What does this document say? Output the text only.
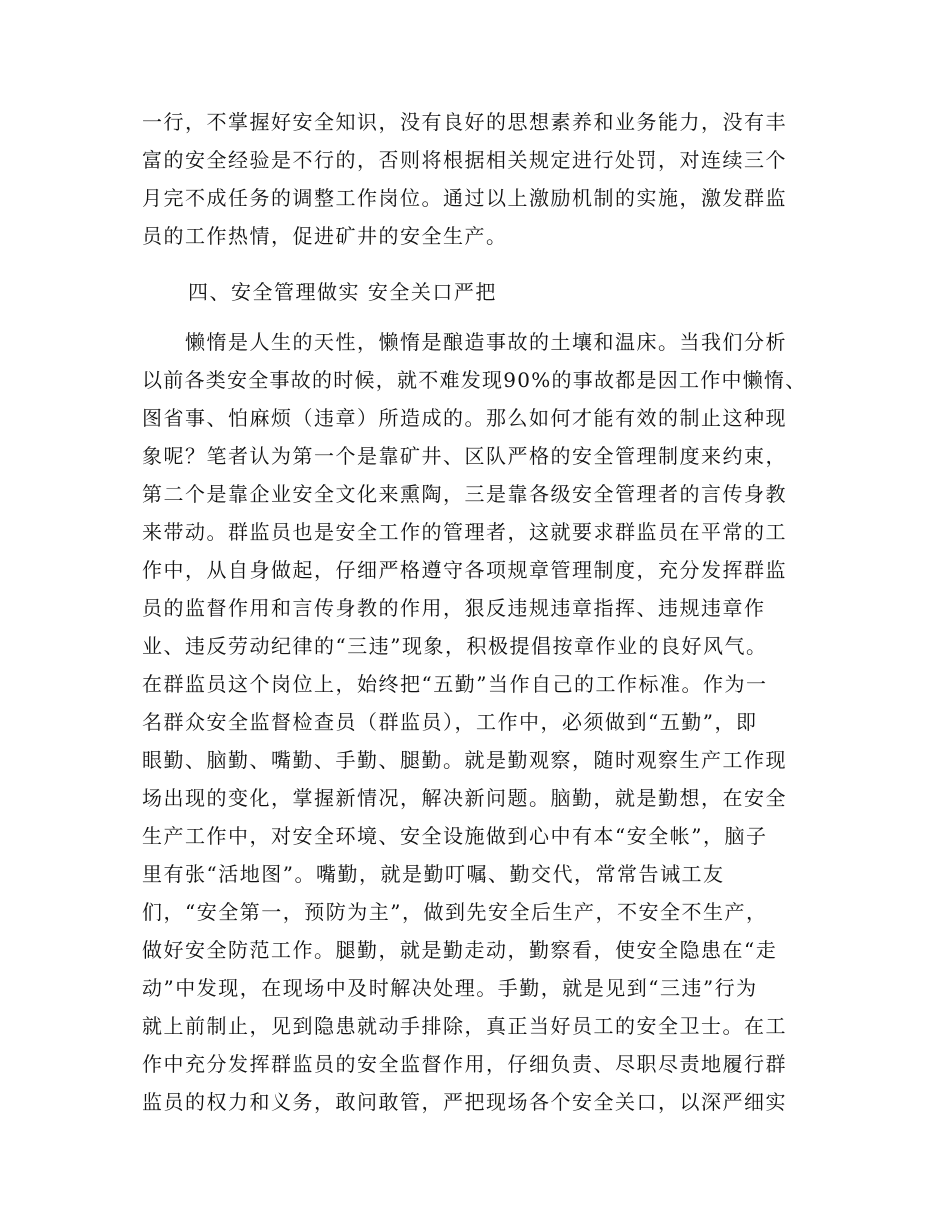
一行，不掌握好安全知识，没有良好的思想素养和业务能力，没有丰
富的安全经验是不行的，否则将根据相关规定进行处罚，对连续三个
月完不成任务的调整工作岗位。通过以上激励机制的实施，激发群监
员的工作热情，促进矿井的安全生产。
四、安全管理做实 安全关口严把
　　懒惰是人生的天性，懒惰是酿造事故的土壤和温床。当我们分析
以前各类安全事故的时候，就不难发现90%的事故都是因工作中懒惰、
图省事、怕麻烦（违章）所造成的。那么如何才能有效的制止这种现
象呢？笔者认为第一个是靠矿井、区队严格的安全管理制度来约束，
第二个是靠企业安全文化来熏陶，三是靠各级安全管理者的言传身教
来带动。群监员也是安全工作的管理者，这就要求群监员在平常的工
作中，从自身做起，仔细严格遵守各项规章管理制度，充分发挥群监
员的监督作用和言传身教的作用，狠反违规违章指挥、违规违章作
业、违反劳动纪律的“三违”现象，积极提倡按章作业的良好风气。
在群监员这个岗位上，始终把“五勤”当作自己的工作标准。作为一
名群众安全监督检查员（群监员），工作中，必须做到“五勤”，即
眼勤、脑勤、嘴勤、手勤、腿勤。就是勤观察，随时观察生产工作现
场出现的变化，掌握新情况，解决新问题。脑勤，就是勤想，在安全
生产工作中，对安全环境、安全设施做到心中有本“安全帐”，脑子
里有张“活地图”。嘴勤，就是勤叮嘱、勤交代，常常告诫工友
们，“安全第一，预防为主”，做到先安全后生产，不安全不生产，
做好安全防范工作。腿勤，就是勤走动，勤察看，使安全隐患在“走
动”中发现，在现场中及时解决处理。手勤，就是见到“三违”行为
就上前制止，见到隐患就动手排除，真正当好员工的安全卫士。在工
作中充分发挥群监员的安全监督作用，仔细负责、尽职尽责地履行群
监员的权力和义务，敢问敢管，严把现场各个安全关口，以深严细实
